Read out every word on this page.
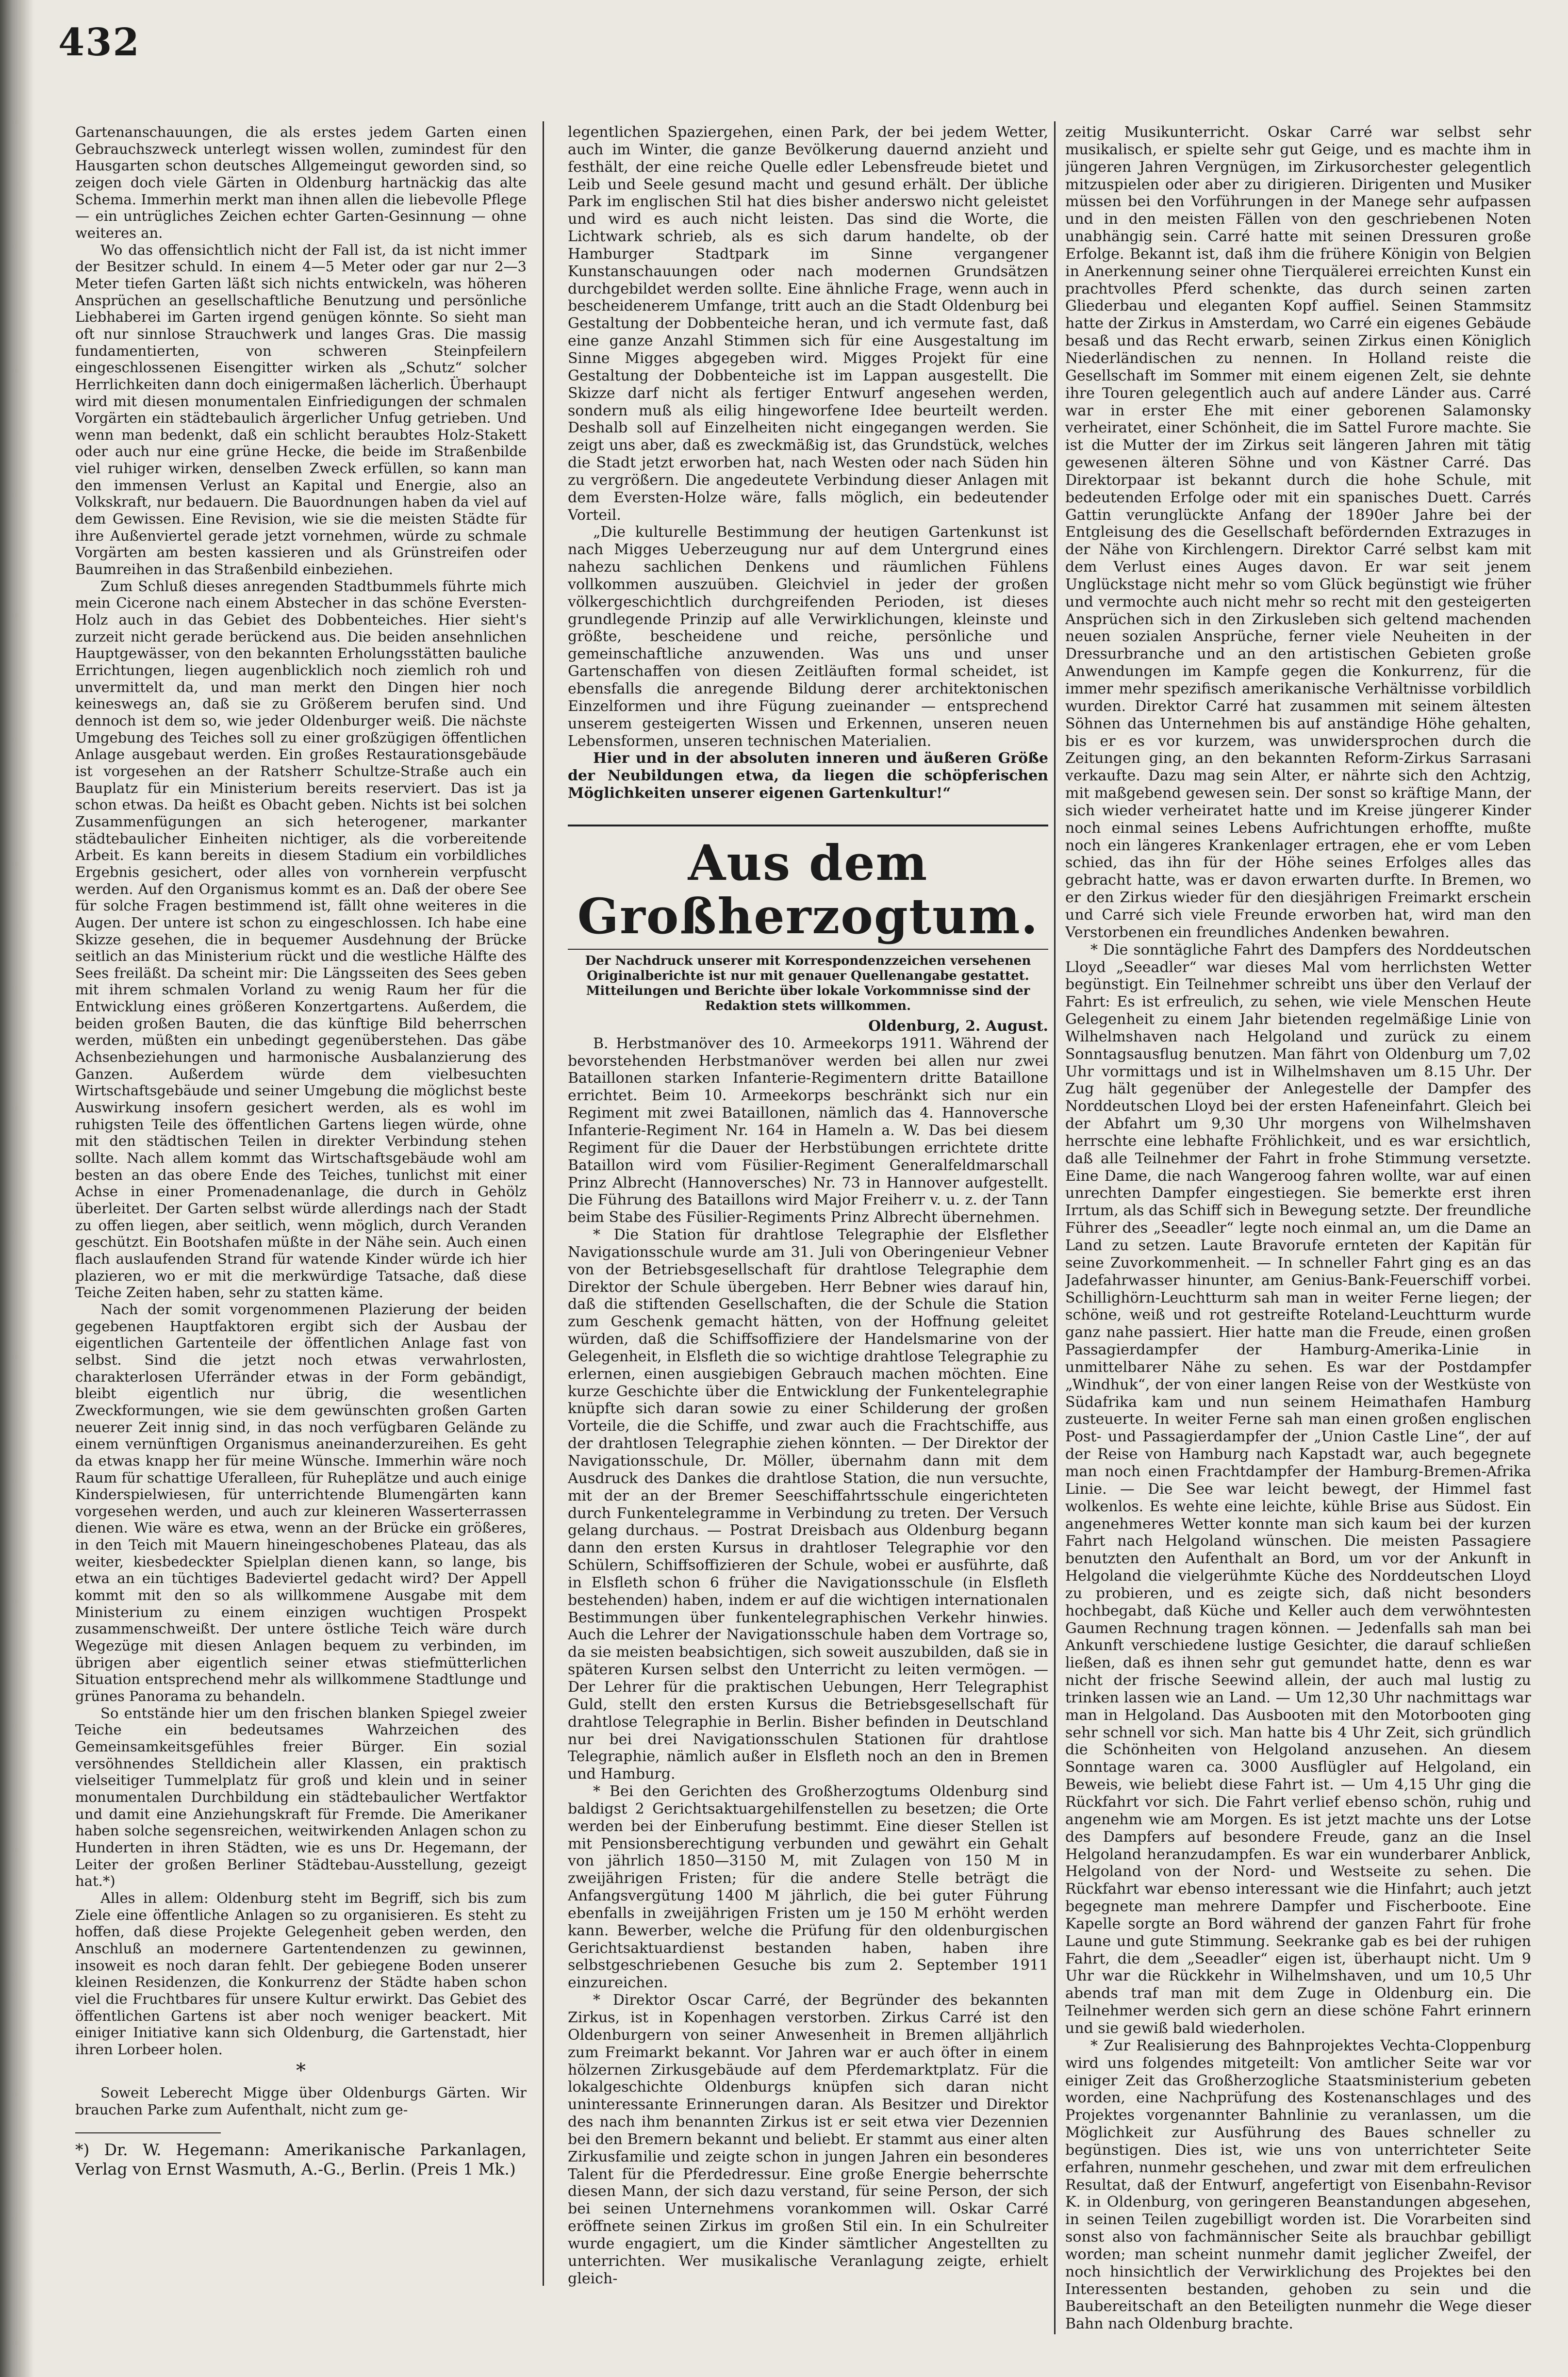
432

Gartenanschauungen, die als erstes jedem Garten einen Gebrauchszweck unterlegt wissen wollen, zumindest für den Hausgarten schon deutsches Allgemeingut geworden sind, so zeigen doch viele Gärten in Oldenburg hartnäckig das alte Schema. Immerhin merkt man ihnen allen die liebevolle Pflege — ein untrügliches Zeichen echter Garten-Gesinnung — ohne weiteres an.

Wo das offensichtlich nicht der Fall ist, da ist nicht immer der Besitzer schuld. In einem 4—5 Meter oder gar nur 2—3 Meter tiefen Garten läßt sich nichts entwickeln, was höheren Ansprüchen an gesellschaftliche Benutzung und persönliche Liebhaberei im Garten irgend genügen könnte. So sieht man oft nur sinnlose Strauchwerk und langes Gras. Die massig fundamentierten, von schweren Steinpfeilern eingeschlossenen Eisengitter wirken als „Schutz“ solcher Herrlichkeiten dann doch einigermaßen lächerlich. Überhaupt wird mit diesen monumentalen Einfriedigungen der schmalen Vorgärten ein städtebaulich ärgerlicher Unfug getrieben. Und wenn man bedenkt, daß ein schlicht beraubtes Holz-Stakett oder auch nur eine grüne Hecke, die beide im Straßenbilde viel ruhiger wirken, denselben Zweck erfüllen, so kann man den immensen Verlust an Kapital und Energie, also an Volkskraft, nur bedauern. Die Bauordnungen haben da viel auf dem Gewissen. Eine Revision, wie sie die meisten Städte für ihre Außenviertel gerade jetzt vornehmen, würde zu schmale Vorgärten am besten kassieren und als Grünstreifen oder Baumreihen in das Straßenbild einbeziehen.

Zum Schluß dieses anregenden Stadtbummels führte mich mein Cicerone nach einem Abstecher in das schöne Eversten-Holz auch in das Gebiet des Dobbenteiches. Hier sieht's zurzeit nicht gerade berückend aus. Die beiden ansehnlichen Hauptgewässer, von den bekannten Erholungsstätten bauliche Errichtungen, liegen augenblicklich noch ziemlich roh und unvermittelt da, und man merkt den Dingen hier noch keineswegs an, daß sie zu Größerem berufen sind. Und dennoch ist dem so, wie jeder Oldenburger weiß. Die nächste Umgebung des Teiches soll zu einer großzügigen öffentlichen Anlage ausgebaut werden. Ein großes Restaurationsgebäude ist vorgesehen an der Ratsherr Schultze-Straße auch ein Bauplatz für ein Ministerium bereits reserviert. Das ist ja schon etwas. Da heißt es Obacht geben. Nichts ist bei solchen Zusammenfügungen an sich heterogener, markanter städtebaulicher Einheiten nichtiger, als die vorbereitende Arbeit. Es kann bereits in diesem Stadium ein vorbildliches Ergebnis gesichert, oder alles von vornherein verpfuscht werden. Auf den Organismus kommt es an. Daß der obere See für solche Fragen bestimmend ist, fällt ohne weiteres in die Augen. Der untere ist schon zu eingeschlossen. Ich habe eine Skizze gesehen, die in bequemer Ausdehnung der Brücke seitlich an das Ministerium rückt und die westliche Hälfte des Sees freiläßt. Da scheint mir: Die Längsseiten des Sees geben mit ihrem schmalen Vorland zu wenig Raum her für die Entwicklung eines größeren Konzertgartens. Außerdem, die beiden großen Bauten, die das künftige Bild beherrschen werden, müßten ein unbedingt gegenüberstehen. Das gäbe Achsenbeziehungen und harmonische Ausbalanzierung des Ganzen. Außerdem würde dem vielbesuchten Wirtschaftsgebäude und seiner Umgebung die möglichst beste Auswirkung insofern gesichert werden, als es wohl im ruhigsten Teile des öffentlichen Gartens liegen würde, ohne mit den städtischen Teilen in direkter Verbindung stehen sollte. Nach allem kommt das Wirtschaftsgebäude wohl am besten an das obere Ende des Teiches, tunlichst mit einer Achse in einer Promenadenanlage, die durch in Gehölz überleitet. Der Garten selbst würde allerdings nach der Stadt zu offen liegen, aber seitlich, wenn möglich, durch Veranden geschützt. Ein Bootshafen müßte in der Nähe sein. Auch einen flach auslaufenden Strand für watende Kinder würde ich hier plazieren, wo er mit die merkwürdige Tatsache, daß diese Teiche Zeiten haben, sehr zu statten käme.

Nach der somit vorgenommenen Plazierung der beiden gegebenen Hauptfaktoren ergibt sich der Ausbau der eigentlichen Gartenteile der öffentlichen Anlage fast von selbst. Sind die jetzt noch etwas verwahrlosten, charakterlosen Uferränder etwas in der Form gebändigt, bleibt eigentlich nur übrig, die wesentlichen Zweckformungen, wie sie dem gewünschten großen Garten neuerer Zeit innig sind, in das noch verfügbaren Gelände zu einem vernünftigen Organismus aneinanderzureihen. Es geht da etwas knapp her für meine Wünsche. Immerhin wäre noch Raum für schattige Uferalleen, für Ruheplätze und auch einige Kinderspielwiesen, für unterrichtende Blumengärten kann vorgesehen werden, und auch zur kleineren Wasserterrassen dienen. Wie wäre es etwa, wenn an der Brücke ein größeres, in den Teich mit Mauern hineingeschobenes Plateau, das als weiter, kiesbedeckter Spielplan dienen kann, so lange, bis etwa an ein tüchtiges Badeviertel gedacht wird? Der Appell kommt mit den so als willkommene Ausgabe mit dem Ministerium zu einem einzigen wuchtigen Prospekt zusammenschweißt. Der untere östliche Teich wäre durch Wegezüge mit diesen Anlagen bequem zu verbinden, im übrigen aber eigentlich seiner etwas stiefmütterlichen Situation entsprechend mehr als willkommene Stadtlunge und grünes Panorama zu behandeln.

So entstände hier um den frischen blanken Spiegel zweier Teiche ein bedeutsames Wahrzeichen des Gemeinsamkeitsgefühles freier Bürger. Ein sozial versöhnendes Stelldichein aller Klassen, ein praktisch vielseitiger Tummelplatz für groß und klein und in seiner monumentalen Durchbildung ein städtebaulicher Wertfaktor und damit eine Anziehungskraft für Fremde. Die Amerikaner haben solche segensreichen, weitwirkenden Anlagen schon zu Hunderten in ihren Städten, wie es uns Dr. Hegemann, der Leiter der großen Berliner Städtebau-Ausstellung, gezeigt hat.*)

Alles in allem: Oldenburg steht im Begriff, sich bis zum Ziele eine öffentliche Anlagen so zu organisieren. Es steht zu hoffen, daß diese Projekte Gelegenheit geben werden, den Anschluß an modernere Gartentendenzen zu gewinnen, insoweit es noch daran fehlt. Der gebiegene Boden unserer kleinen Residenzen, die Konkurrenz der Städte haben schon viel die Fruchtbares für unsere Kultur erwirkt. Das Gebiet des öffentlichen Gartens ist aber noch weniger beackert. Mit einiger Initiative kann sich Oldenburg, die Gartenstadt, hier ihren Lorbeer holen.

*

Soweit Leberecht Migge über Oldenburgs Gärten. Wir brauchen Parke zum Aufenthalt, nicht zum ge-

*) Dr. W. Hegemann: Amerikanische Parkanlagen, Verlag von Ernst Wasmuth, A.-G., Berlin. (Preis 1 Mk.)

legentlichen Spaziergehen, einen Park, der bei jedem Wetter, auch im Winter, die ganze Bevölkerung dauernd anzieht und festhält, der eine reiche Quelle edler Lebensfreude bietet und Leib und Seele gesund macht und gesund erhält. Der übliche Park im englischen Stil hat dies bisher anderswo nicht geleistet und wird es auch nicht leisten. Das sind die Worte, die Lichtwark schrieb, als es sich darum handelte, ob der Hamburger Stadtpark im Sinne vergangener Kunstanschauungen oder nach modernen Grundsätzen durchgebildet werden sollte. Eine ähnliche Frage, wenn auch in bescheidenerem Umfange, tritt auch an die Stadt Oldenburg bei Gestaltung der Dobbenteiche heran, und ich vermute fast, daß eine ganze Anzahl Stimmen sich für eine Ausgestaltung im Sinne Migges abgegeben wird. Migges Projekt für eine Gestaltung der Dobbenteiche ist im Lappan ausgestellt. Die Skizze darf nicht als fertiger Entwurf angesehen werden, sondern muß als eilig hingeworfene Idee beurteilt werden. Deshalb soll auf Einzelheiten nicht eingegangen werden. Sie zeigt uns aber, daß es zweckmäßig ist, das Grundstück, welches die Stadt jetzt erworben hat, nach Westen oder nach Süden hin zu vergrößern. Die angedeutete Verbindung dieser Anlagen mit dem Eversten-Holze wäre, falls möglich, ein bedeutender Vorteil.

„Die kulturelle Bestimmung der heutigen Gartenkunst ist nach Migges Ueberzeugung nur auf dem Untergrund eines nahezu sachlichen Denkens und räumlichen Fühlens vollkommen auszuüben. Gleichviel in jeder der großen völkergeschichtlich durchgreifenden Perioden, ist dieses grundlegende Prinzip auf alle Verwirklichungen, kleinste und größte, bescheidene und reiche, persönliche und gemeinschaftliche anzuwenden. Was uns und unser Gartenschaffen von diesen Zeitläuften formal scheidet, ist ebensfalls die anregende Bildung derer architektonischen Einzelformen und ihre Fügung zueinander — entsprechend unserem gesteigerten Wissen und Erkennen, unseren neuen Lebensformen, unseren technischen Materialien.

Hier und in der absoluten inneren und äußeren Größe der Neubildungen etwa, da liegen die schöpferischen Möglichkeiten unserer eigenen Gartenkultur!“

Aus dem Großherzogtum.

Der Nachdruck unserer mit Korrespondenzzeichen versehenen Originalberichte ist nur mit genauer Quellenangabe gestattet. Mitteilungen und Berichte über lokale Vorkommnisse sind der Redaktion stets willkommen.

Oldenburg, 2. August.

B. Herbstmanöver des 10. Armeekorps 1911. Während der bevorstehenden Herbstmanöver werden bei allen nur zwei Bataillonen starken Infanterie-Regimentern dritte Bataillone errichtet. Beim 10. Armeekorps beschränkt sich nur ein Regiment mit zwei Bataillonen, nämlich das 4. Hannoversche Infanterie-Regiment Nr. 164 in Hameln a. W. Das bei diesem Regiment für die Dauer der Herbstübungen errichtete dritte Bataillon wird vom Füsilier-Regiment Generalfeldmarschall Prinz Albrecht (Hannoversches) Nr. 73 in Hannover aufgestellt. Die Führung des Bataillons wird Major Freiherr v. u. z. der Tann beim Stabe des Füsilier-Regiments Prinz Albrecht übernehmen.

* Die Station für drahtlose Telegraphie der Elsflether Navigationsschule wurde am 31. Juli von Oberingenieur Vebner von der Betriebsgesellschaft für drahtlose Telegraphie dem Direktor der Schule übergeben. Herr Bebner wies darauf hin, daß die stiftenden Gesellschaften, die der Schule die Station zum Geschenk gemacht hätten, von der Hoffnung geleitet würden, daß die Schiffsoffiziere der Handelsmarine von der Gelegenheit, in Elsfleth die so wichtige drahtlose Telegraphie zu erlernen, einen ausgiebigen Gebrauch machen möchten. Eine kurze Geschichte über die Entwicklung der Funkentelegraphie knüpfte sich daran sowie zu einer Schilderung der großen Vorteile, die die Schiffe, und zwar auch die Frachtschiffe, aus der drahtlosen Telegraphie ziehen könnten. — Der Direktor der Navigationsschule, Dr. Möller, übernahm dann mit dem Ausdruck des Dankes die drahtlose Station, die nun versuchte, mit der an der Bremer Seeschiffahrtsschule eingerichteten durch Funkentelegramme in Verbindung zu treten. Der Versuch gelang durchaus. — Postrat Dreisbach aus Oldenburg begann dann den ersten Kursus in drahtloser Telegraphie vor den Schülern, Schiffsoffizieren der Schule, wobei er ausführte, daß in Elsfleth schon 6 früher die Navigationsschule (in Elsfleth bestehenden) haben, indem er auf die wichtigen internationalen Bestimmungen über funkentelegraphischen Verkehr hinwies. Auch die Lehrer der Navigationsschule haben dem Vortrage so, da sie meisten beabsichtigen, sich soweit auszubilden, daß sie in späteren Kursen selbst den Unterricht zu leiten vermögen. — Der Lehrer für die praktischen Uebungen, Herr Telegraphist Guld, stellt den ersten Kursus die Betriebsgesellschaft für drahtlose Telegraphie in Berlin. Bisher befinden in Deutschland nur bei drei Navigationsschulen Stationen für drahtlose Telegraphie, nämlich außer in Elsfleth noch an den in Bremen und Hamburg.

* Bei den Gerichten des Großherzogtums Oldenburg sind baldigst 2 Gerichtsaktuargehilfenstellen zu besetzen; die Orte werden bei der Einberufung bestimmt. Eine dieser Stellen ist mit Pensionsberechtigung verbunden und gewährt ein Gehalt von jährlich 1850—3150 M, mit Zulagen von 150 M in zweijährigen Fristen; für die andere Stelle beträgt die Anfangsvergütung 1400 M jährlich, die bei guter Führung ebenfalls in zweijährigen Fristen um je 150 M erhöht werden kann. Bewerber, welche die Prüfung für den oldenburgischen Gerichtsaktuardienst bestanden haben, haben ihre selbstgeschriebenen Gesuche bis zum 2. September 1911 einzureichen.

* Direktor Oscar Carré, der Begründer des bekannten Zirkus, ist in Kopenhagen verstorben. Zirkus Carré ist den Oldenburgern von seiner Anwesenheit in Bremen alljährlich zum Freimarkt bekannt. Vor Jahren war er auch öfter in einem hölzernen Zirkusgebäude auf dem Pferdemarktplatz. Für die lokalgeschichte Oldenburgs knüpfen sich daran nicht uninteressante Erinnerungen daran. Als Besitzer und Direktor des nach ihm benannten Zirkus ist er seit etwa vier Dezennien bei den Bremern bekannt und beliebt. Er stammt aus einer alten Zirkusfamilie und zeigte schon in jungen Jahren ein besonderes Talent für die Pferdedressur. Eine große Energie beherrschte diesen Mann, der sich dazu verstand, für seine Person, der sich bei seinen Unternehmens vorankommen will. Oskar Carré eröffnete seinen Zirkus im großen Stil ein. In ein Schulreiter wurde engagiert, um die Kinder sämtlicher Angestellten zu unterrichten. Wer musikalische Veranlagung zeigte, erhielt gleich-

zeitig Musikunterricht. Oskar Carré war selbst sehr musikalisch, er spielte sehr gut Geige, und es machte ihm in jüngeren Jahren Vergnügen, im Zirkusorchester gelegentlich mitzuspielen oder aber zu dirigieren. Dirigenten und Musiker müssen bei den Vorführungen in der Manege sehr aufpassen und in den meisten Fällen von den geschriebenen Noten unabhängig sein. Carré hatte mit seinen Dressuren große Erfolge. Bekannt ist, daß ihm die frühere Königin von Belgien in Anerkennung seiner ohne Tierquälerei erreichten Kunst ein prachtvolles Pferd schenkte, das durch seinen zarten Gliederbau und eleganten Kopf auffiel. Seinen Stammsitz hatte der Zirkus in Amsterdam, wo Carré ein eigenes Gebäude besaß und das Recht erwarb, seinen Zirkus einen Königlich Niederländischen zu nennen. In Holland reiste die Gesellschaft im Sommer mit einem eigenen Zelt, sie dehnte ihre Touren gelegentlich auch auf andere Länder aus. Carré war in erster Ehe mit einer geborenen Salamonsky verheiratet, einer Schönheit, die im Sattel Furore machte. Sie ist die Mutter der im Zirkus seit längeren Jahren mit tätig gewesenen älteren Söhne und von Kästner Carré. Das Direktorpaar ist bekannt durch die hohe Schule, mit bedeutenden Erfolge oder mit ein spanisches Duett. Carrés Gattin verunglückte Anfang der 1890er Jahre bei der Entgleisung des die Gesellschaft befördernden Extrazuges in der Nähe von Kirchlengern. Direktor Carré selbst kam mit dem Verlust eines Auges davon. Er war seit jenem Unglückstage nicht mehr so vom Glück begünstigt wie früher und vermochte auch nicht mehr so recht mit den gesteigerten Ansprüchen sich in den Zirkusleben sich geltend machenden neuen sozialen Ansprüche, ferner viele Neuheiten in der Dressurbranche und an den artistischen Gebieten große Anwendungen im Kampfe gegen die Konkurrenz, für die immer mehr spezifisch amerikanische Verhältnisse vorbildlich wurden. Direktor Carré hat zusammen mit seinem ältesten Söhnen das Unternehmen bis auf anständige Höhe gehalten, bis er es vor kurzem, was unwidersprochen durch die Zeitungen ging, an den bekannten Reform-Zirkus Sarrasani verkaufte. Dazu mag sein Alter, er nährte sich den Achtzig, mit maßgebend gewesen sein. Der sonst so kräftige Mann, der sich wieder verheiratet hatte und im Kreise jüngerer Kinder noch einmal seines Lebens Aufrichtungen erhoffte, mußte noch ein längeres Krankenlager ertragen, ehe er vom Leben schied, das ihn für der Höhe seines Erfolges alles das gebracht hatte, was er davon erwarten durfte. In Bremen, wo er den Zirkus wieder für den diesjährigen Freimarkt erschein und Carré sich viele Freunde erworben hat, wird man den Verstorbenen ein freundliches Andenken bewahren.

* Die sonntägliche Fahrt des Dampfers des Norddeutschen Lloyd „Seeadler“ war dieses Mal vom herrlichsten Wetter begünstigt. Ein Teilnehmer schreibt uns über den Verlauf der Fahrt: Es ist erfreulich, zu sehen, wie viele Menschen Heute Gelegenheit zu einem Jahr bietenden regelmäßige Linie von Wilhelmshaven nach Helgoland und zurück zu einem Sonntagsausflug benutzen. Man fährt von Oldenburg um 7,02 Uhr vormittags und ist in Wilhelmshaven um 8.15 Uhr. Der Zug hält gegenüber der Anlegestelle der Dampfer des Norddeutschen Lloyd bei der ersten Hafeneinfahrt. Gleich bei der Abfahrt um 9,30 Uhr morgens von Wilhelmshaven herrschte eine lebhafte Fröhlichkeit, und es war ersichtlich, daß alle Teilnehmer der Fahrt in frohe Stimmung versetzte. Eine Dame, die nach Wangeroog fahren wollte, war auf einen unrechten Dampfer eingestiegen. Sie bemerkte erst ihren Irrtum, als das Schiff sich in Bewegung setzte. Der freundliche Führer des „Seeadler“ legte noch einmal an, um die Dame an Land zu setzen. Laute Bravorufe ernteten der Kapitän für seine Zuvorkommenheit. — In schneller Fahrt ging es an das Jadefahrwasser hinunter, am Genius-Bank-Feuerschiff vorbei. Schillighörn-Leuchtturm sah man in weiter Ferne liegen; der schöne, weiß und rot gestreifte Roteland-Leuchtturm wurde ganz nahe passiert. Hier hatte man die Freude, einen großen Passagierdampfer der Hamburg-Amerika-Linie in unmittelbarer Nähe zu sehen. Es war der Postdampfer „Windhuk“, der von einer langen Reise von der Westküste von Südafrika kam und nun seinem Heimathafen Hamburg zusteuerte. In weiter Ferne sah man einen großen englischen Post- und Passagierdampfer der „Union Castle Line“, der auf der Reise von Hamburg nach Kapstadt war, auch begegnete man noch einen Frachtdampfer der Hamburg-Bremen-Afrika Linie. — Die See war leicht bewegt, der Himmel fast wolkenlos. Es wehte eine leichte, kühle Brise aus Südost. Ein angenehmeres Wetter konnte man sich kaum bei der kurzen Fahrt nach Helgoland wünschen. Die meisten Passagiere benutzten den Aufenthalt an Bord, um vor der Ankunft in Helgoland die vielgerühmte Küche des Norddeutschen Lloyd zu probieren, und es zeigte sich, daß nicht besonders hochbegabt, daß Küche und Keller auch dem verwöhntesten Gaumen Rechnung tragen können. — Jedenfalls sah man bei Ankunft verschiedene lustige Gesichter, die darauf schließen ließen, daß es ihnen sehr gut gemundet hatte, denn es war nicht der frische Seewind allein, der auch mal lustig zu trinken lassen wie an Land. — Um 12,30 Uhr nachmittags war man in Helgoland. Das Ausbooten mit den Motorbooten ging sehr schnell vor sich. Man hatte bis 4 Uhr Zeit, sich gründlich die Schönheiten von Helgoland anzusehen. An diesem Sonntage waren ca. 3000 Ausflügler auf Helgoland, ein Beweis, wie beliebt diese Fahrt ist. — Um 4,15 Uhr ging die Rückfahrt vor sich. Die Fahrt verlief ebenso schön, ruhig und angenehm wie am Morgen. Es ist jetzt machte uns der Lotse des Dampfers auf besondere Freude, ganz an die Insel Helgoland heranzudampfen. Es war ein wunderbarer Anblick, Helgoland von der Nord- und Westseite zu sehen. Die Rückfahrt war ebenso interessant wie die Hinfahrt; auch jetzt begegnete man mehrere Dampfer und Fischerboote. Eine Kapelle sorgte an Bord während der ganzen Fahrt für frohe Laune und gute Stimmung. Seekranke gab es bei der ruhigen Fahrt, die dem „Seeadler“ eigen ist, überhaupt nicht. Um 9 Uhr war die Rückkehr in Wilhelmshaven, und um 10,5 Uhr abends traf man mit dem Zuge in Oldenburg ein. Die Teilnehmer werden sich gern an diese schöne Fahrt erinnern und sie gewiß bald wiederholen.

* Zur Realisierung des Bahnprojektes Vechta-Cloppenburg wird uns folgendes mitgeteilt: Von amtlicher Seite war vor einiger Zeit das Großherzogliche Staatsministerium gebeten worden, eine Nachprüfung des Kostenanschlages und des Projektes vorgenannter Bahnlinie zu veranlassen, um die Möglichkeit zur Ausführung des Baues schneller zu begünstigen. Dies ist, wie uns von unterrichteter Seite erfahren, nunmehr geschehen, und zwar mit dem erfreulichen Resultat, daß der Entwurf, angefertigt von Eisenbahn-Revisor K. in Oldenburg, von geringeren Beanstandungen abgesehen, in seinen Teilen zugebilligt worden ist. Die Vorarbeiten sind sonst also von fachmännischer Seite als brauchbar gebilligt worden; man scheint nunmehr damit jeglicher Zweifel, der noch hinsichtlich der Verwirklichung des Projektes bei den Interessenten bestanden, gehoben zu sein und die Baubereitschaft an den Beteiligten nunmehr die Wege dieser Bahn nach Oldenburg brachte.
